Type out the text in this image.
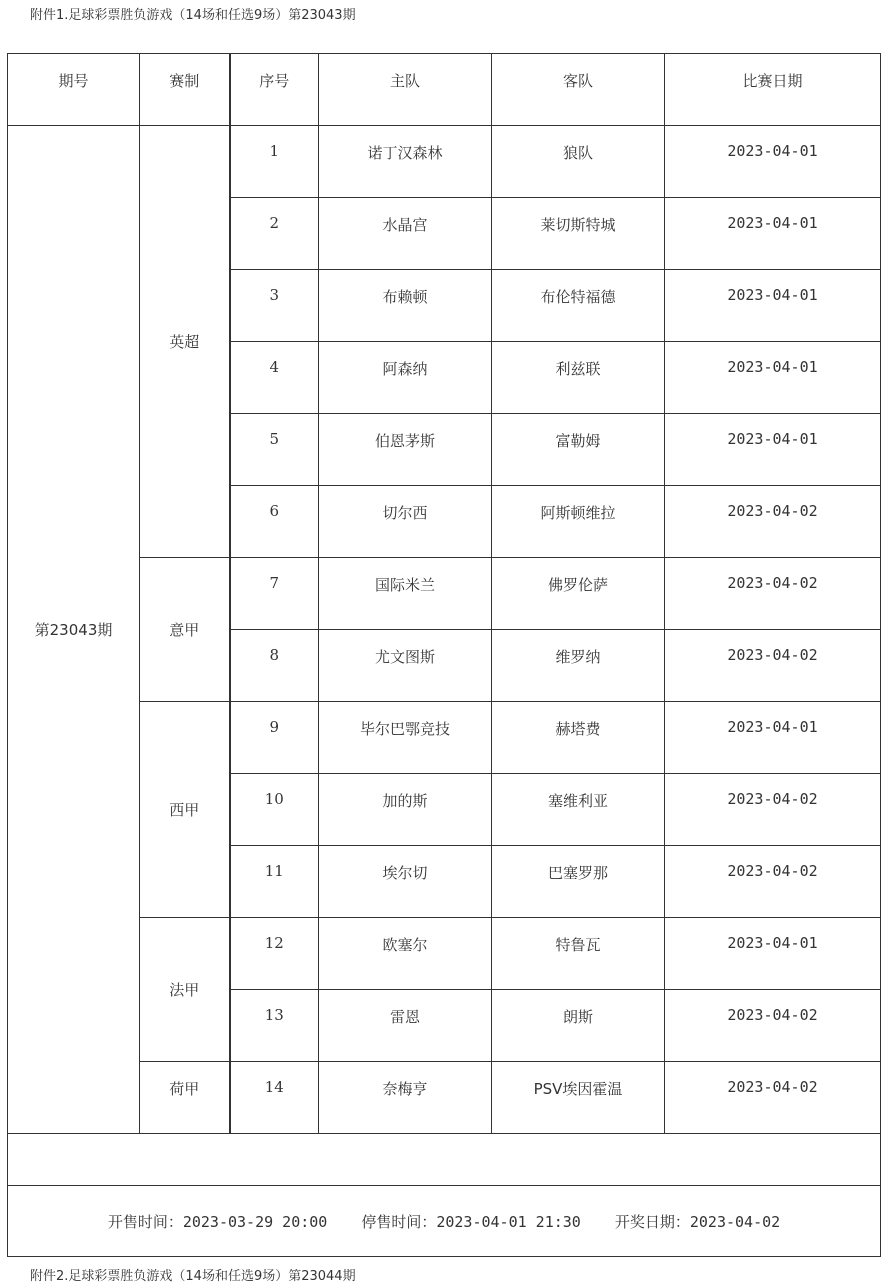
附件1.足球彩票胜负游戏（14场和任选9场）第23043期
期号	赛制	序号	主队	客队	比赛日期
第23043期	英超	1	诺丁汉森林	狼队	2023-04-01
		2	水晶宫	莱切斯特城	2023-04-01
		3	布赖顿	布伦特福德	2023-04-01
		4	阿森纳	利兹联	2023-04-01
		5	伯恩茅斯	富勒姆	2023-04-01
		6	切尔西	阿斯顿维拉	2023-04-02
	意甲	7	国际米兰	佛罗伦萨	2023-04-02
		8	尤文图斯	维罗纳	2023-04-02
	西甲	9	毕尔巴鄂竞技	赫塔费	2023-04-01
		10	加的斯	塞维利亚	2023-04-02
		11	埃尔切	巴塞罗那	2023-04-02
	法甲	12	欧塞尔	特鲁瓦	2023-04-01
		13	雷恩	朗斯	2023-04-02
	荷甲	14	奈梅亨	PSV埃因霍温	2023-04-02

开售时间：2023-03-29 20:00 停售时间：2023-04-01 21:30 开奖日期：2023-04-02					
附件2.足球彩票胜负游戏（14场和任选9场）第23044期
